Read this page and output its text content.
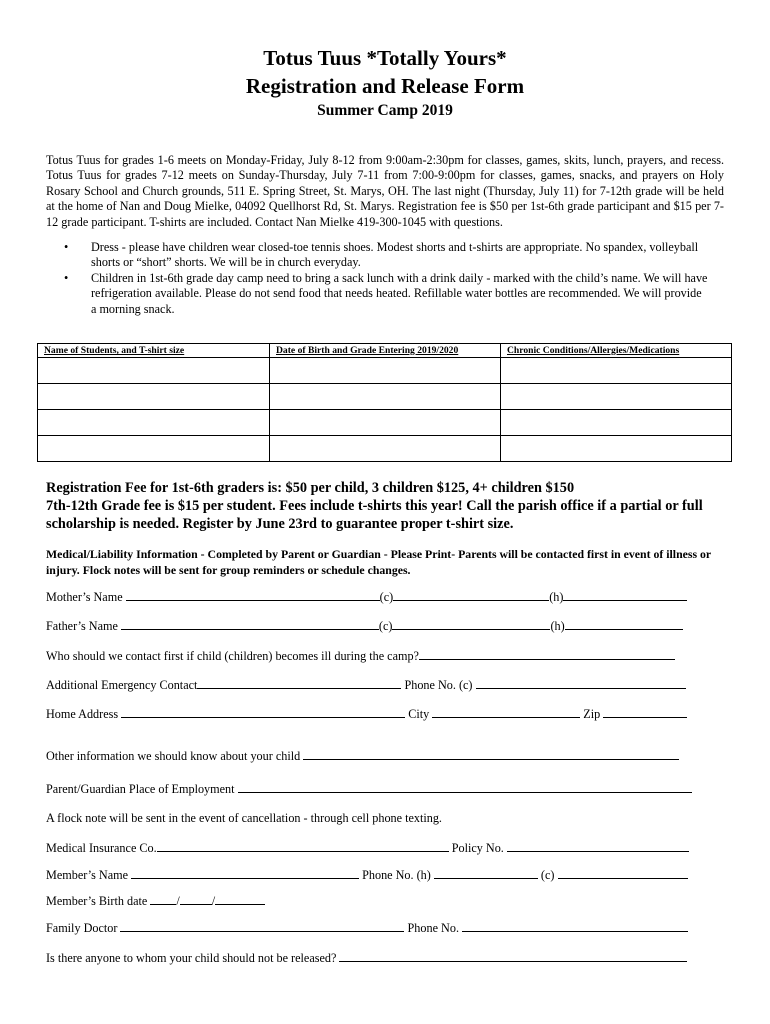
Totus Tuus *Totally Yours*
Registration and Release Form
Summer Camp 2019
Totus Tuus for grades 1-6 meets on Monday-Friday, July 8-12 from 9:00am-2:30pm for classes, games, skits, lunch, prayers, and recess. Totus Tuus for grades 7-12 meets on Sunday-Thursday, July 7-11 from 7:00-9:00pm for classes, games, snacks, and prayers on Holy Rosary School and Church grounds, 511 E. Spring Street, St. Marys, OH. The last night (Thursday, July 11) for 7-12th grade will be held at the home of Nan and Doug Mielke, 04092 Quellhorst Rd, St. Marys. Registration fee is $50 per 1st-6th grade participant and $15 per 7-12 grade participant. T-shirts are included. Contact Nan Mielke 419-300-1045 with questions.
• Dress - please have children wear closed-toe tennis shoes. Modest shorts and t-shirts are appropriate. No spandex, volleyball shorts or “short” shorts. We will be in church everyday.
• Children in 1st-6th grade day camp need to bring a sack lunch with a drink daily - marked with the child’s name. We will have refrigeration available. Please do not send food that needs heated. Refillable water bottles are recommended. We will provide a morning snack.
Name of Students, and T-shirt size	Date of Birth and Grade Entering 2019/2020	Chronic Conditions/Allergies/Medications

Registration Fee for 1st-6th graders is: $50 per child, 3 children $125, 4+ children $150
7th-12th Grade fee is $15 per student. Fees include t-shirts this year! Call the parish office if a partial or full scholarship is needed. Register by June 23rd to guarantee proper t-shirt size.
Medical/Liability Information - Completed by Parent or Guardian - Please Print- Parents will be contacted first in event of illness or injury. Flock notes will be sent for group reminders or schedule changes.
Mother’s Name	(c)	(h)
Father’s Name	(c)	(h)
Who should we contact first if child (children) becomes ill during the camp?
Additional Emergency Contact	Phone No. (c)
Home Address	City	Zip
Other information we should know about your child
Parent/Guardian Place of Employment
A flock note will be sent in the event of cancellation - through cell phone texting.
Medical Insurance Co.	Policy No.
Member’s Name	Phone No. (h)	(c)
Member’s Birth date /	/
Family Doctor	Phone No.
Is there anyone to whom your child should not be released?
